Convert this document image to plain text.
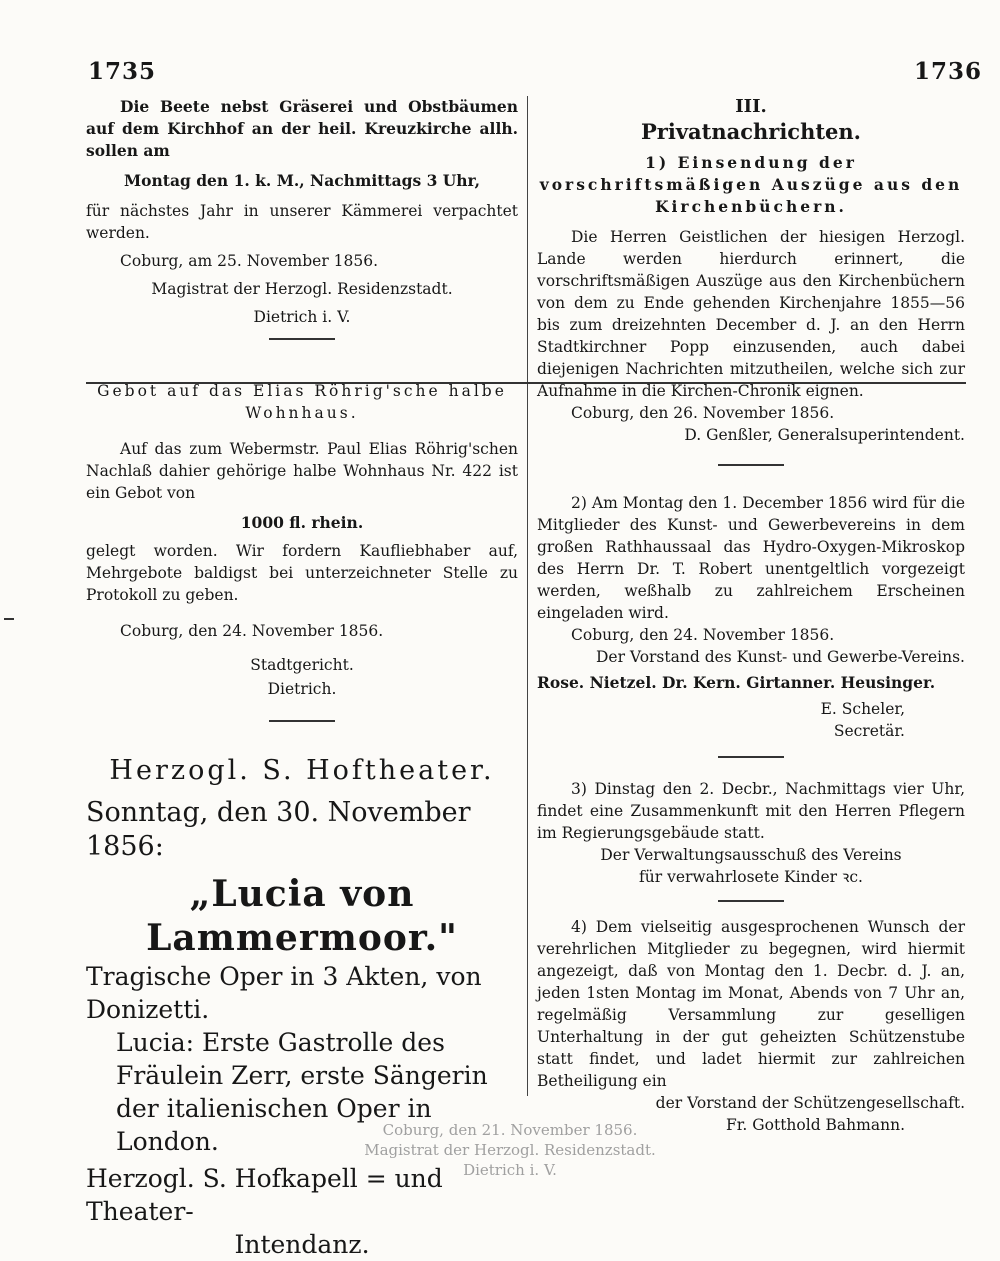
1735	1736

Die Beete nebst Gräserei und Obstbäumen auf dem Kirchhof an der heil. Kreuzkirche allh. sollen am

Montag den 1. k. M., Nachmittags 3 Uhr,

für nächstes Jahr in unserer Kämmerei verpachtet werden.

Coburg, am 25. November 1856.

Magistrat der Herzogl. Residenzstadt.

Dietrich i. V.

Gebot auf das Elias Röhrig'sche halbe Wohnhaus.

Auf das zum Webermstr. Paul Elias Röhrig'schen Nachlaß dahier gehörige halbe Wohnhaus Nr. 422 ist ein Gebot von

1000 fl. rhein.

gelegt worden. Wir fordern Kaufliebhaber auf, Mehrgebote baldigst bei unterzeichneter Stelle zu Protokoll zu geben.

Coburg, den 24. November 1856.

Stadtgericht.

Dietrich.

Herzogl. S. Hoftheater.

Sonntag, den 30. November 1856:

„Lucia von Lammermoor."

Tragische Oper in 3 Akten, von Donizetti.

Lucia: Erste Gastrolle des Fräulein Zerr, erste Sängerin der italienischen Oper in London.

Herzogl. S. Hofkapell = und Theater-

Intendanz.

III.

Privatnachrichten.

1) Einsendung der vorschriftsmäßigen Auszüge aus den Kirchenbüchern.

Die Herren Geistlichen der hiesigen Herzogl. Lande werden hierdurch erinnert, die vorschriftsmäßigen Auszüge aus den Kirchenbüchern von dem zu Ende gehenden Kirchenjahre 1855—56 bis zum dreizehnten December d. J. an den Herrn Stadtkirchner Popp einzusenden, auch dabei diejenigen Nachrichten mitzutheilen, welche sich zur Aufnahme in die Kirchen-Chronik eignen.

Coburg, den 26. November 1856.

D. Genßler, Generalsuperintendent.

2) Am Montag den 1. December 1856 wird für die Mitglieder des Kunst- und Gewerbevereins in dem großen Rathhaussaal das Hydro-Oxygen-Mikroskop des Herrn Dr. T. Robert unentgeltlich vorgezeigt werden, weßhalb zu zahlreichem Erscheinen eingeladen wird.

Coburg, den 24. November 1856.

Der Vorstand des Kunst- und Gewerbe-Vereins.

Rose. Nietzel. Dr. Kern. Girtanner. Heusinger.

E. Scheler,

Secretär.

3) Dinstag den 2. Decbr., Nachmittags vier Uhr, findet eine Zusammenkunft mit den Herren Pflegern im Regierungsgebäude statt.

Der Verwaltungsausschuß des Vereins

für verwahrlosete Kinder ꝛc.

4) Dem vielseitig ausgesprochenen Wunsch der verehrlichen Mitglieder zu begegnen, wird hiermit angezeigt, daß von Montag den 1. Decbr. d. J. an, jeden 1sten Montag im Monat, Abends von 7 Uhr an, regelmäßig Versammlung zur geselligen Unterhaltung in der gut geheizten Schützenstube statt findet, und ladet hiermit zur zahlreichen Betheiligung ein

der Vorstand der Schützengesellschaft.

Fr. Gotthold Bahmann.

Coburg, den 21. November 1856.

Magistrat der Herzogl. Residenzstadt.

Dietrich i. V.
